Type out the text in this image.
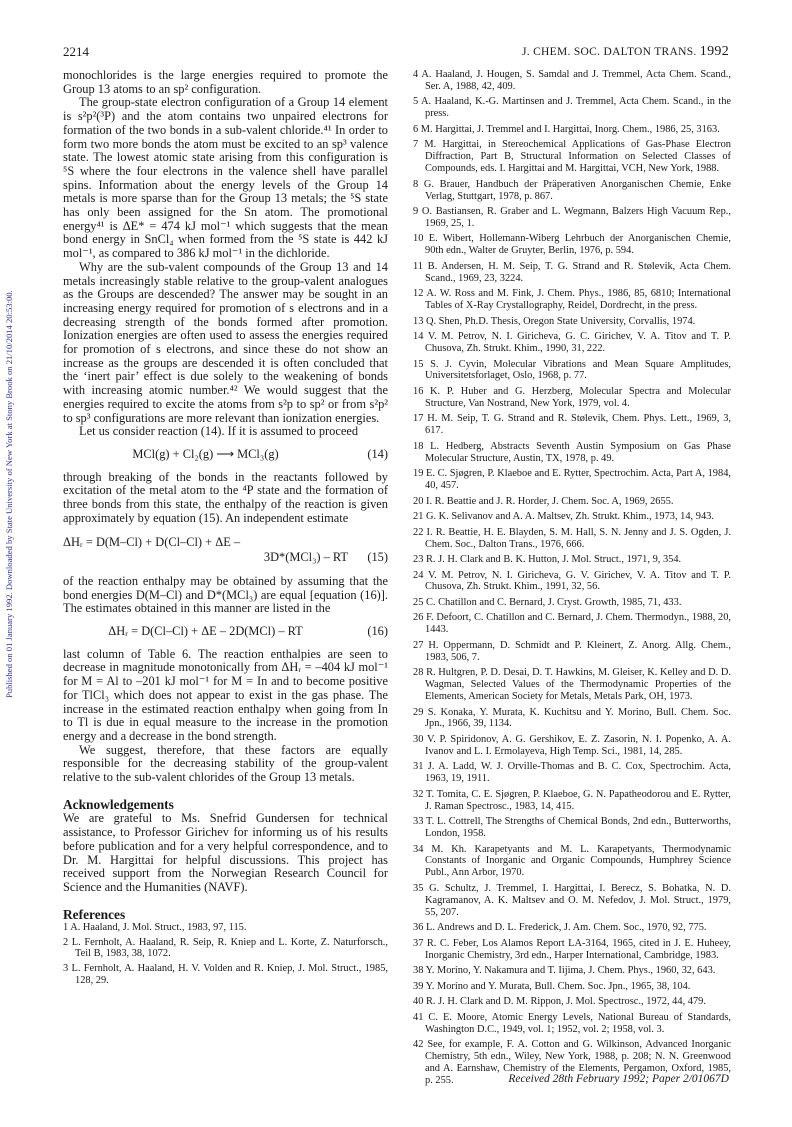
Published on 01 January 1992. Downloaded by State University of New York at Stony Brook on 21/10/2014 20:53:00.
2214	J. CHEM. SOC. DALTON TRANS. 1992

monochlorides is the large energies required to promote the Group 13 atoms to an sp² configuration.

The group-state electron configuration of a Group 14 element is s²p²(³P) and the atom contains two unpaired electrons for formation of the two bonds in a sub-valent chloride.⁴¹ In order to form two more bonds the atom must be excited to an sp³ valence state. The lowest atomic state arising from this configuration is ⁵S where the four electrons in the valence shell have parallel spins. Information about the energy levels of the Group 14 metals is more sparse than for the Group 13 metals; the ⁵S state has only been assigned for the Sn atom. The promotional energy⁴¹ is ΔE* = 474 kJ mol⁻¹ which suggests that the mean bond energy in SnCl₄ when formed from the ⁵S state is 442 kJ mol⁻¹, as compared to 386 kJ mol⁻¹ in the dichloride.

Why are the sub-valent compounds of the Group 13 and 14 metals increasingly stable relative to the group-valent analogues as the Groups are descended? The answer may be sought in an increasing energy required for promotion of s electrons and in a decreasing strength of the bonds formed after promotion. Ionization energies are often used to assess the energies required for promotion of s electrons, and since these do not show an increase as the groups are descended it is often concluded that the ‘inert pair’ effect is due solely to the weakening of bonds with increasing atomic number.⁴² We would suggest that the energies required to excite the atoms from s²p to sp² or from s²p² to sp³ configurations are more relevant than ionization energies.

Let us consider reaction (14). If it is assumed to proceed

MCl(g) + Cl₂(g) ⟶ MCl₃(g)	(14)

through breaking of the bonds in the reactants followed by excitation of the metal atom to the ⁴P state and the formation of three bonds from this state, the enthalpy of the reaction is given approximately by equation (15). An independent estimate

ΔHᵣ = D(M–Cl) + D(Cl–Cl) + ΔE –
3D*(MCl₃) – RT	(15)

of the reaction enthalpy may be obtained by assuming that the bond energies D(M–Cl) and D*(MCl₃) are equal [equation (16)]. The estimates obtained in this manner are listed in the

ΔHᵣ = D(Cl–Cl) + ΔE – 2D(MCl) – RT	(16)

last column of Table 6. The reaction enthalpies are seen to decrease in magnitude monotonically from ΔHᵣ = –404 kJ mol⁻¹ for M = Al to –201 kJ mol⁻¹ for M = In and to become positive for TlCl₃ which does not appear to exist in the gas phase. The increase in the estimated reaction enthalpy when going from In to Tl is due in equal measure to the increase in the promotion energy and a decrease in the bond strength.

We suggest, therefore, that these factors are equally responsible for the decreasing stability of the group-valent relative to the sub-valent chlorides of the Group 13 metals.

Acknowledgements

We are grateful to Ms. Snefrid Gundersen for technical assistance, to Professor Girichev for informing us of his results before publication and for a very helpful correspondence, and to Dr. M. Hargittai for helpful discussions. This project has received support from the Norwegian Research Council for Science and the Humanities (NAVF).

References
1 A. Haaland, J. Mol. Struct., 1983, 97, 115.
2 L. Fernholt, A. Haaland, R. Seip, R. Kniep and L. Korte, Z. Naturforsch., Teil B, 1983, 38, 1072.
3 L. Fernholt, A. Haaland, H. V. Volden and R. Kniep, J. Mol. Struct., 1985, 128, 29.
4 A. Haaland, J. Hougen, S. Samdal and J. Tremmel, Acta Chem. Scand., Ser. A, 1988, 42, 409.
5 A. Haaland, K.-G. Martinsen and J. Tremmel, Acta Chem. Scand., in the press.
6 M. Hargittai, J. Tremmel and I. Hargittai, Inorg. Chem., 1986, 25, 3163.
7 M. Hargittai, in Stereochemical Applications of Gas-Phase Electron Diffraction, Part B, Structural Information on Selected Classes of Compounds, eds. I. Hargittai and M. Hargittai, VCH, New York, 1988.
8 G. Brauer, Handbuch der Präperativen Anorganischen Chemie, Enke Verlag, Stuttgart, 1978, p. 867.
9 O. Bastiansen, R. Graber and L. Wegmann, Balzers High Vacuum Rep., 1969, 25, 1.
10 E. Wibert, Hollemann-Wiberg Lehrbuch der Anorganischen Chemie, 90th edn., Walter de Gruyter, Berlin, 1976, p. 594.
11 B. Andersen, H. M. Seip, T. G. Strand and R. Stølevik, Acta Chem. Scand., 1969, 23, 3224.
12 A. W. Ross and M. Fink, J. Chem. Phys., 1986, 85, 6810; International Tables of X-Ray Crystallography, Reidel, Dordrecht, in the press.
13 Q. Shen, Ph.D. Thesis, Oregon State University, Corvallis, 1974.
14 V. M. Petrov, N. I. Giricheva, G. C. Girichev, V. A. Titov and T. P. Chusova, Zh. Strukt. Khim., 1990, 31, 222.
15 S. J. Cyvin, Molecular Vibrations and Mean Square Amplitudes, Universitetsforlaget, Oslo, 1968, p. 77.
16 K. P. Huber and G. Herzberg, Molecular Spectra and Molecular Structure, Van Nostrand, New York, 1979, vol. 4.
17 H. M. Seip, T. G. Strand and R. Stølevik, Chem. Phys. Lett., 1969, 3, 617.
18 L. Hedberg, Abstracts Seventh Austin Symposium on Gas Phase Molecular Structure, Austin, TX, 1978, p. 49.
19 E. C. Sjøgren, P. Klaeboe and E. Rytter, Spectrochim. Acta, Part A, 1984, 40, 457.
20 I. R. Beattie and J. R. Horder, J. Chem. Soc. A, 1969, 2655.
21 G. K. Selivanov and A. A. Maltsev, Zh. Strukt. Khim., 1973, 14, 943.
22 I. R. Beattie, H. E. Blayden, S. M. Hall, S. N. Jenny and J. S. Ogden, J. Chem. Soc., Dalton Trans., 1976, 666.
23 R. J. H. Clark and B. K. Hutton, J. Mol. Struct., 1971, 9, 354.
24 V. M. Petrov, N. I. Giricheva, G. V. Girichev, V. A. Titov and T. P. Chusova, Zh. Strukt. Khim., 1991, 32, 56.
25 C. Chatillon and C. Bernard, J. Cryst. Growth, 1985, 71, 433.
26 F. Defoort, C. Chatillon and C. Bernard, J. Chem. Thermodyn., 1988, 20, 1443.
27 H. Oppermann, D. Schmidt and P. Kleinert, Z. Anorg. Allg. Chem., 1983, 506, 7.
28 R. Hultgren, P. D. Desai, D. T. Hawkins, M. Gleiser, K. Kelley and D. D. Wagman, Selected Values of the Thermodynamic Properties of the Elements, American Society for Metals, Metals Park, OH, 1973.
29 S. Konaka, Y. Murata, K. Kuchitsu and Y. Morino, Bull. Chem. Soc. Jpn., 1966, 39, 1134.
30 V. P. Spiridonov, A. G. Gershikov, E. Z. Zasorin, N. I. Popenko, A. A. Ivanov and L. I. Ermolayeva, High Temp. Sci., 1981, 14, 285.
31 J. A. Ladd, W. J. Orville-Thomas and B. C. Cox, Spectrochim. Acta, 1963, 19, 1911.
32 T. Tomita, C. E. Sjøgren, P. Klaeboe, G. N. Papatheodorou and E. Rytter, J. Raman Spectrosc., 1983, 14, 415.
33 T. L. Cottrell, The Strengths of Chemical Bonds, 2nd edn., Butterworths, London, 1958.
34 M. Kh. Karapetyants and M. L. Karapetyants, Thermodynamic Constants of Inorganic and Organic Compounds, Humphrey Science Publ., Ann Arbor, 1970.
35 G. Schultz, J. Tremmel, I. Hargittai, I. Berecz, S. Bohatka, N. D. Kagramanov, A. K. Maltsev and O. M. Nefedov, J. Mol. Struct., 1979, 55, 207.
36 L. Andrews and D. L. Frederick, J. Am. Chem. Soc., 1970, 92, 775.
37 R. C. Feber, Los Alamos Report LA-3164, 1965, cited in J. E. Huheey, Inorganic Chemistry, 3rd edn., Harper International, Cambridge, 1983.
38 Y. Morino, Y. Nakamura and T. Iijima, J. Chem. Phys., 1960, 32, 643.
39 Y. Morino and Y. Murata, Bull. Chem. Soc. Jpn., 1965, 38, 104.
40 R. J. H. Clark and D. M. Rippon, J. Mol. Spectrosc., 1972, 44, 479.
41 C. E. Moore, Atomic Energy Levels, National Bureau of Standards, Washington D.C., 1949, vol. 1; 1952, vol. 2; 1958, vol. 3.
42 See, for example, F. A. Cotton and G. Wilkinson, Advanced Inorganic Chemistry, 5th edn., Wiley, New York, 1988, p. 208; N. N. Greenwood and A. Earnshaw, Chemistry of the Elements, Pergamon, Oxford, 1985, p. 255.	Received 28th February 1992; Paper 2/01067D
